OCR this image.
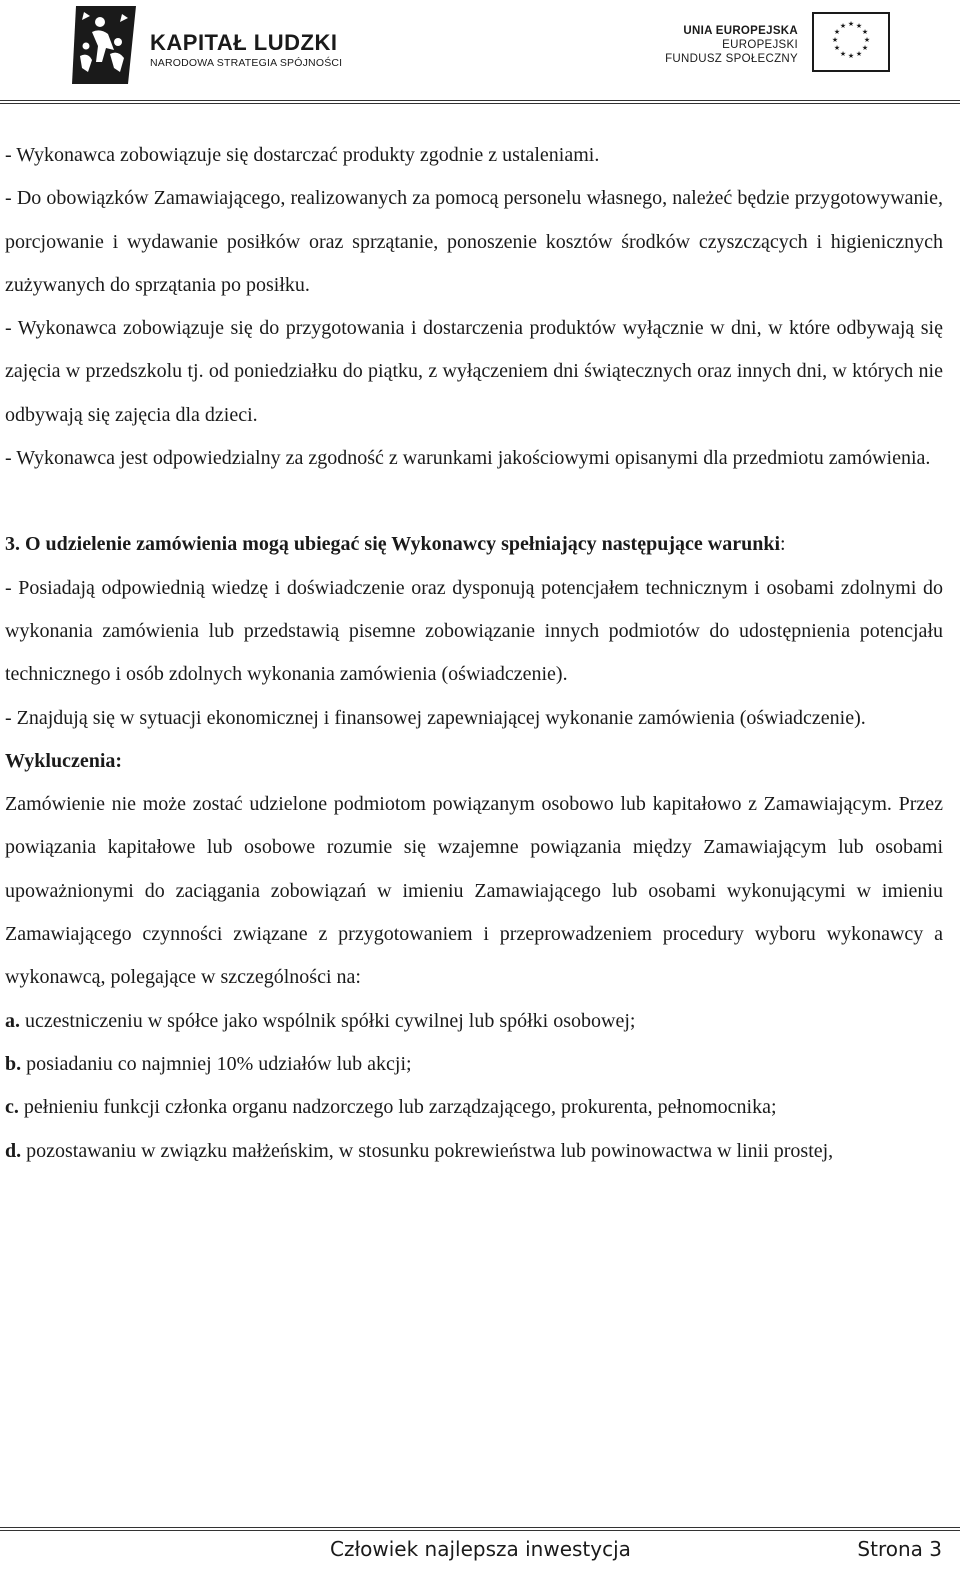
KAPITAŁ LUDZKI
NARODOWA STRATEGIA SPÓJNOŚCI
UNIA EUROPEJSKA
EUROPEJSKI
FUNDUSZ SPOŁECZNY
★ ★
★
★
★
★
★
★
★
★
★
★

- Wykonawca zobowiązuje się dostarczać produkty zgodnie z ustaleniami.

- Do obowiązków Zamawiającego, realizowanych za pomocą personelu własnego, należeć będzie przygotowywanie, porcjowanie i wydawanie posiłków oraz sprzątanie, ponoszenie kosztów środków czyszczących i higienicznych zużywanych do sprzątania po posiłku.

- Wykonawca zobowiązuje się do przygotowania i dostarczenia produktów wyłącznie w dni, w które odbywają się zajęcia w przedszkolu tj. od poniedziałku do piątku, z wyłączeniem dni świątecznych oraz innych dni, w których nie odbywają się zajęcia dla dzieci.

- Wykonawca jest odpowiedzialny za zgodność z warunkami jakościowymi opisanymi dla przedmiotu zamówienia.

3. O udzielenie zamówienia mogą ubiegać się Wykonawcy spełniający następujące warunki:

- Posiadają odpowiednią wiedzę i doświadczenie oraz dysponują potencjałem technicznym i osobami zdolnymi do wykonania zamówienia lub przedstawią pisemne zobowiązanie innych podmiotów do udostępnienia potencjału technicznego i osób zdolnych wykonania zamówienia (oświadczenie).

- Znajdują się w sytuacji ekonomicznej i finansowej zapewniającej wykonanie zamówienia (oświadczenie).

Wykluczenia:

Zamówienie nie może zostać udzielone podmiotom powiązanym osobowo lub kapitałowo z Zamawiającym. Przez powiązania kapitałowe lub osobowe rozumie się wzajemne powiązania między Zamawiającym lub osobami upoważnionymi do zaciągania zobowiązań w imieniu Zamawiającego lub osobami wykonującymi w imieniu Zamawiającego czynności związane z przygotowaniem i przeprowadzeniem procedury wyboru wykonawcy a wykonawcą, polegające w szczególności na:

a. uczestniczeniu w spółce jako wspólnik spółki cywilnej lub spółki osobowej;

b. posiadaniu co najmniej 10% udziałów lub akcji;

c. pełnieniu funkcji członka organu nadzorczego lub zarządzającego, prokurenta, pełnomocnika;

d. pozostawaniu w związku małżeńskim, w stosunku pokrewieństwa lub powinowactwa w linii prostej,

Człowiek najlepsza inwestycja	Strona 3
